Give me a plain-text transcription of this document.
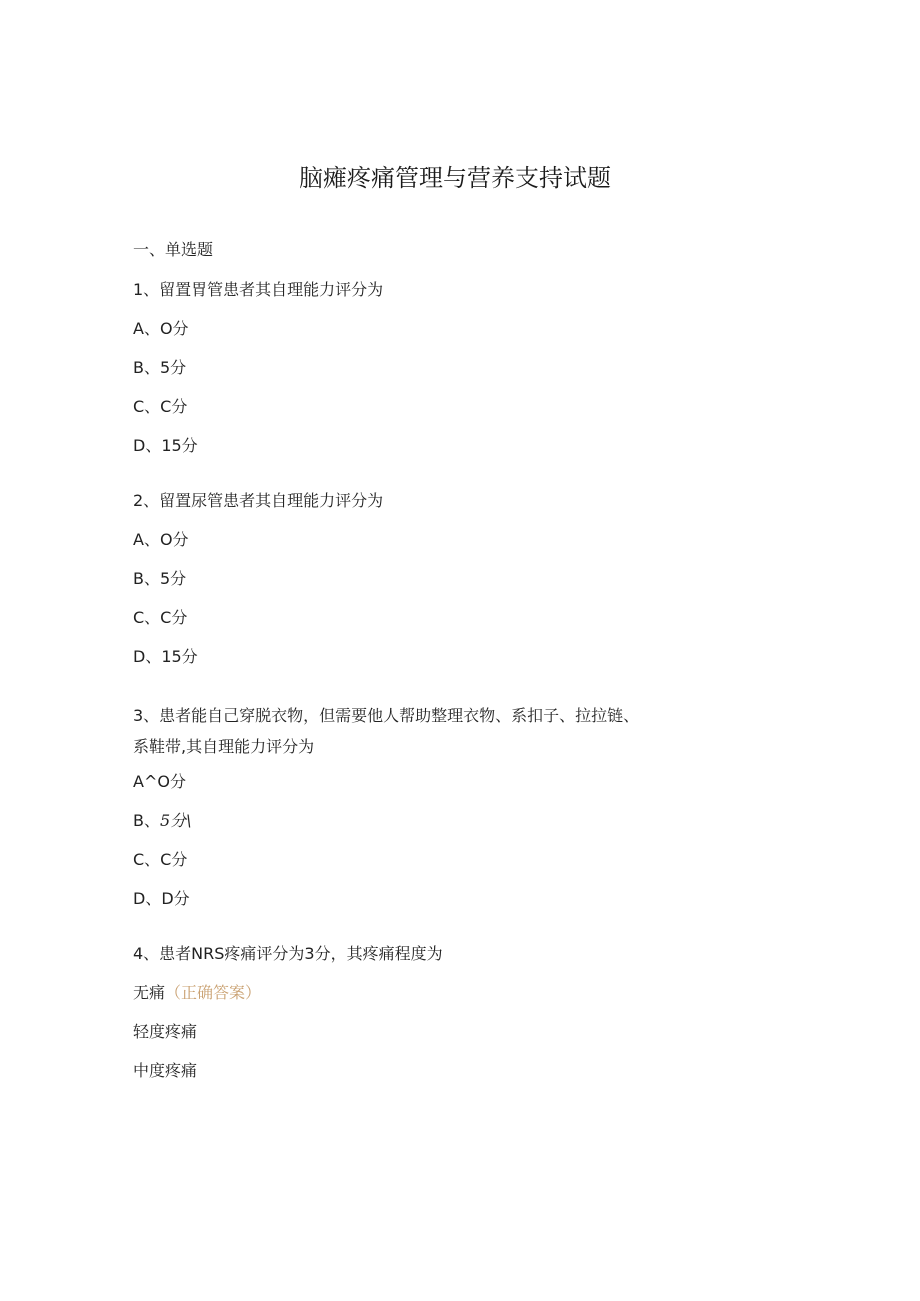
脑瘫疼痛管理与营养支持试题
一、单选题
1、留置胃管患者其自理能力评分为
A、O分
B、5分
C、C分
D、15分
2、留置尿管患者其自理能力评分为
A、O分
B、5分
C、C分
D、15分
3、患者能自己穿脱衣物，但需要他人帮助整理衣物、系扣子、拉拉链、系鞋带,其自理能力评分为
A^O分
B、5分\
C、C分
D、D分
4、患者NRS疼痛评分为3分，其疼痛程度为
无痛（正确答案）
轻度疼痛
中度疼痛
